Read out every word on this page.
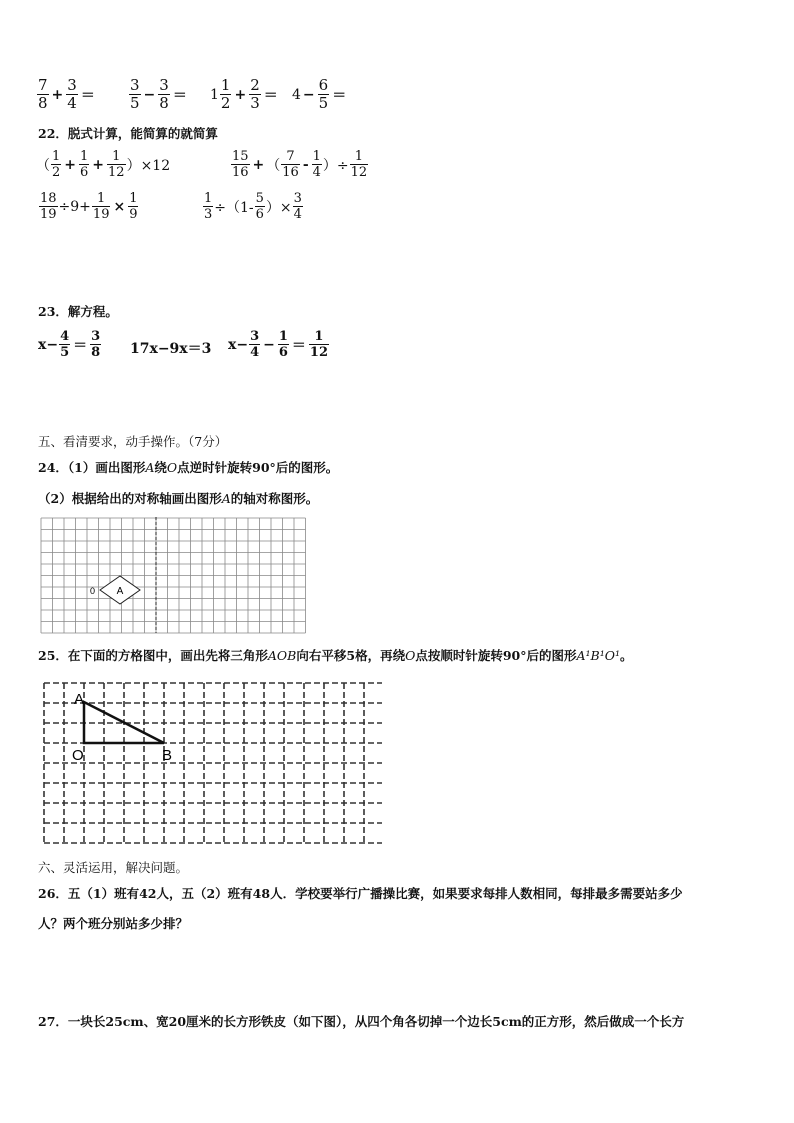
$\frac{7}{8} + \frac{3}{4} = \frac{3}{5} - \frac{3}{8} = 1 \frac{1}{2} + \frac{2}{3} = 4 - \frac{6}{5}$ ＝
22．脱式计算，能简算的就简算
（ $\frac{1}{2} + \frac{1}{6} + \frac{1}{12} )\times 12$	$\frac{15}{16}$ + （ $\frac{7}{16} - \frac{1}{4}$ ）÷ $\frac{1}{12}$
$\frac{18}{19} \div 9+ \frac{1}{19} \times \frac{1}{9}$	$\frac{1}{3} \div(1- \frac{5}{6}$ ）× $\frac{3}{4}$
23．解方程。
$x- \frac{4}{5} = \frac{3}{8} 17x-9x=3$ $x- \frac{3}{4} - \frac{1}{6} = \frac{1}{12}$
五、看清要求，动手操作。（7分）
24．（1）画出图形A绕O点逆时针旋转90°后的图形。
（2）根据给出的对称轴画出图形A的轴对称图形。
A
0
25．在下面的方格图中，画出先将三角形AOB向右平移5格，再绕O点按顺时针旋转90°后的图形A¹B¹O¹。
A
O	B
六、灵活运用，解决问题。
26．五（1）班有42人，五（2）班有48人．学校要举行广播操比赛，如果要求每排人数相同，每排最多需要站多少
人？两个班分别站多少排？
27．一块长25cm、宽20厘米的长方形铁皮（如下图），从四个角各切掉一个边长5cm的正方形，然后做成一个长方
